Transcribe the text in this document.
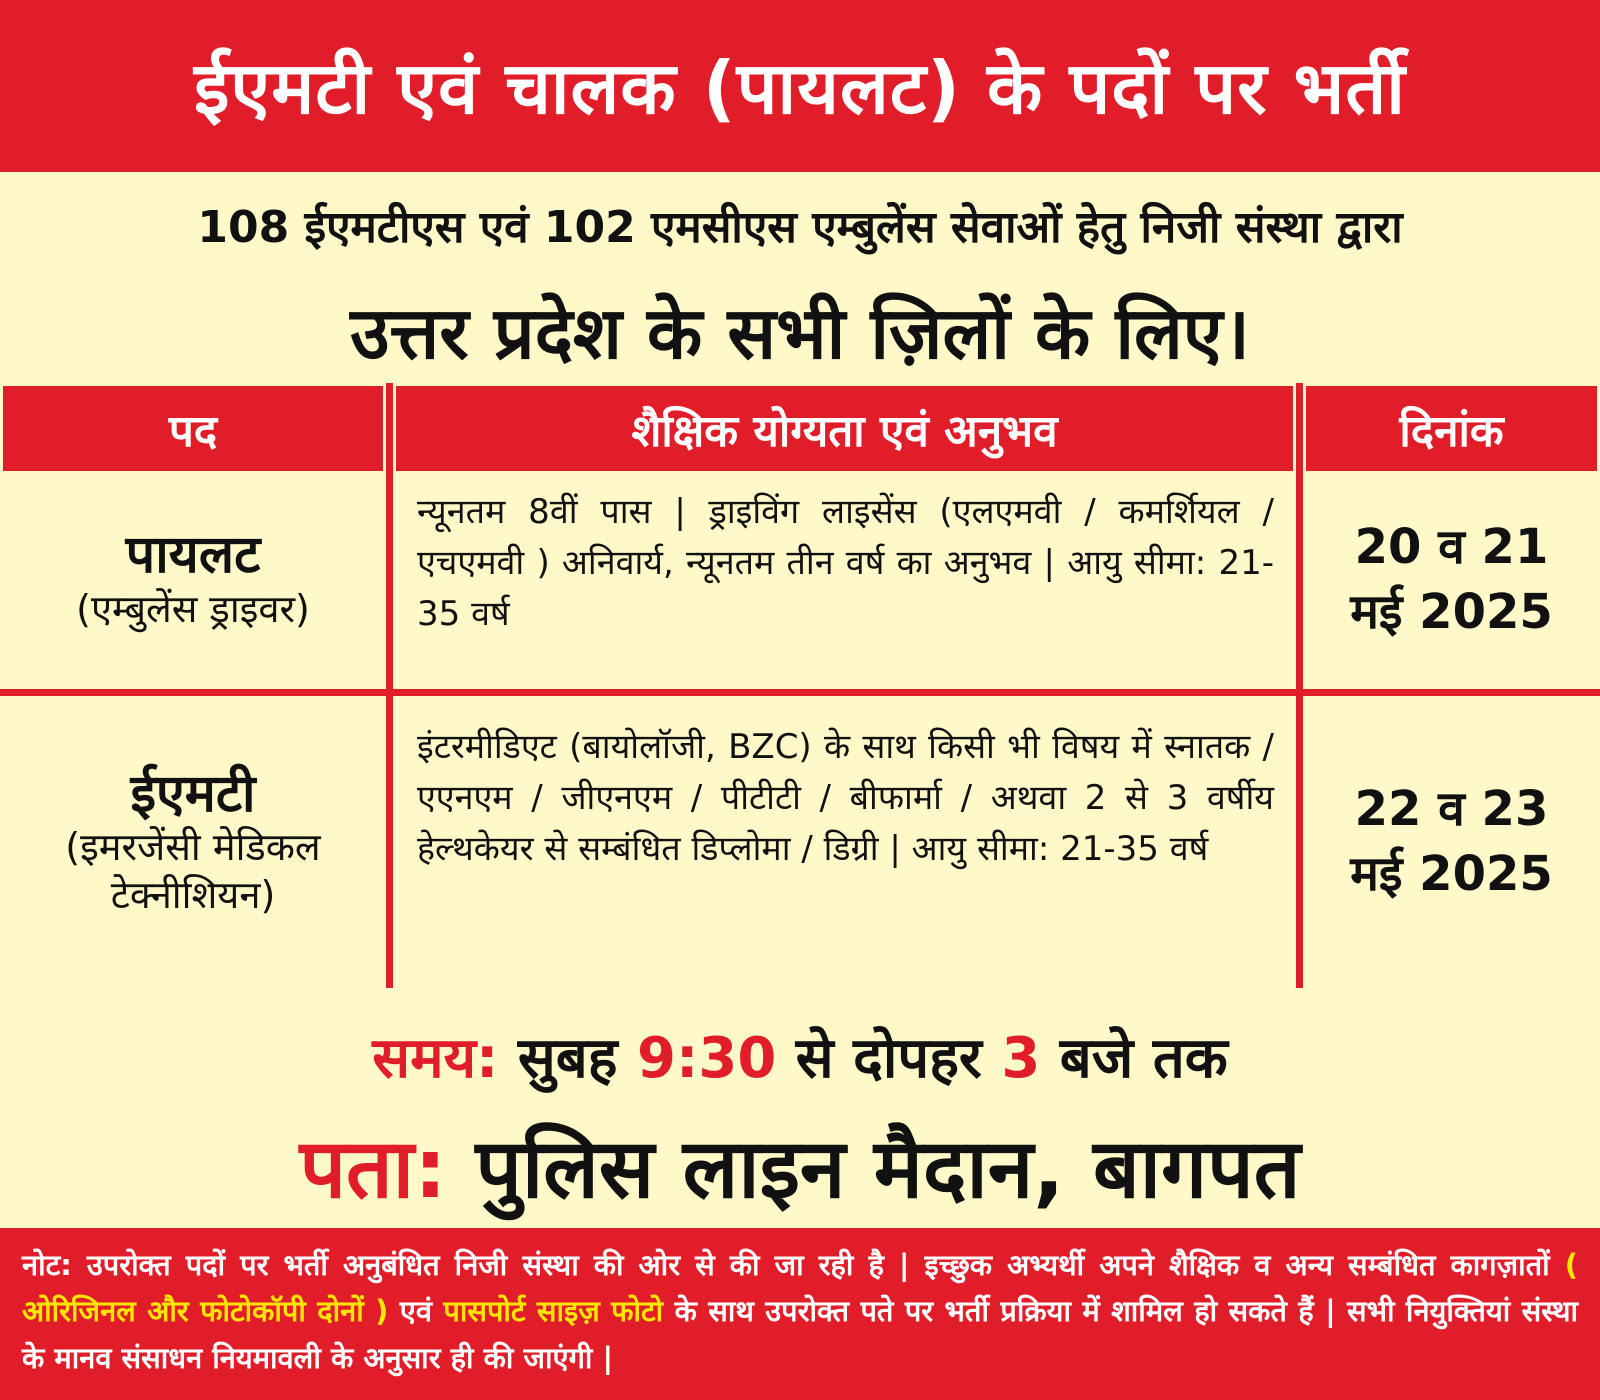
ईएमटी एवं चालक (पायलट) के पदों पर भर्ती
108 ईएमटीएस एवं 102 एमसीएस एम्बुलेंस सेवाओं हेतु निजी संस्था द्वारा
उत्तर प्रदेश के सभी ज़िलों के लिए।
पद	शैक्षिक योग्यता एवं अनुभव	दिनांक
पायलट
(एम्बुलेंस ड्राइवर)
न्यूनतम 8वीं पास | ड्राइविंग लाइसेंस (एलएमवी / कमर्शियल / एचएमवी ) अनिवार्य, न्यूनतम तीन वर्ष का अनुभव | आयु सीमा: 21-35 वर्ष
20 व 21
मई 2025
ईएमटी
(इमरजेंसी मेडिकल टेक्नीशियन)
इंटरमीडिएट (बायोलॉजी, BZC) के साथ किसी भी विषय में स्नातक / एएनएम / जीएनएम / पीटीटी / बीफार्मा / अथवा 2 से 3 वर्षीय हेल्थकेयर से सम्बंधित डिप्लोमा / डिग्री | आयु सीमा: 21-35 वर्ष
22 व 23
मई 2025
समय: सुबह 9:30 से दोपहर 3 बजे तक
पता: पुलिस लाइन मैदान, बागपत
नोट: उपरोक्त पदों पर भर्ती अनुबंधित निजी संस्था की ओर से की जा रही है | इच्छुक अभ्यर्थी अपने शैक्षिक व अन्य सम्बंधित कागज़ातों ( ओरिजिनल और फोटोकॉपी दोनों ) एवं पासपोर्ट साइज़ फोटो के साथ उपरोक्त पते पर भर्ती प्रक्रिया में शामिल हो सकते हैं | सभी नियुक्तियां संस्था के मानव संसाधन नियमावली के अनुसार ही की जाएंगी |
